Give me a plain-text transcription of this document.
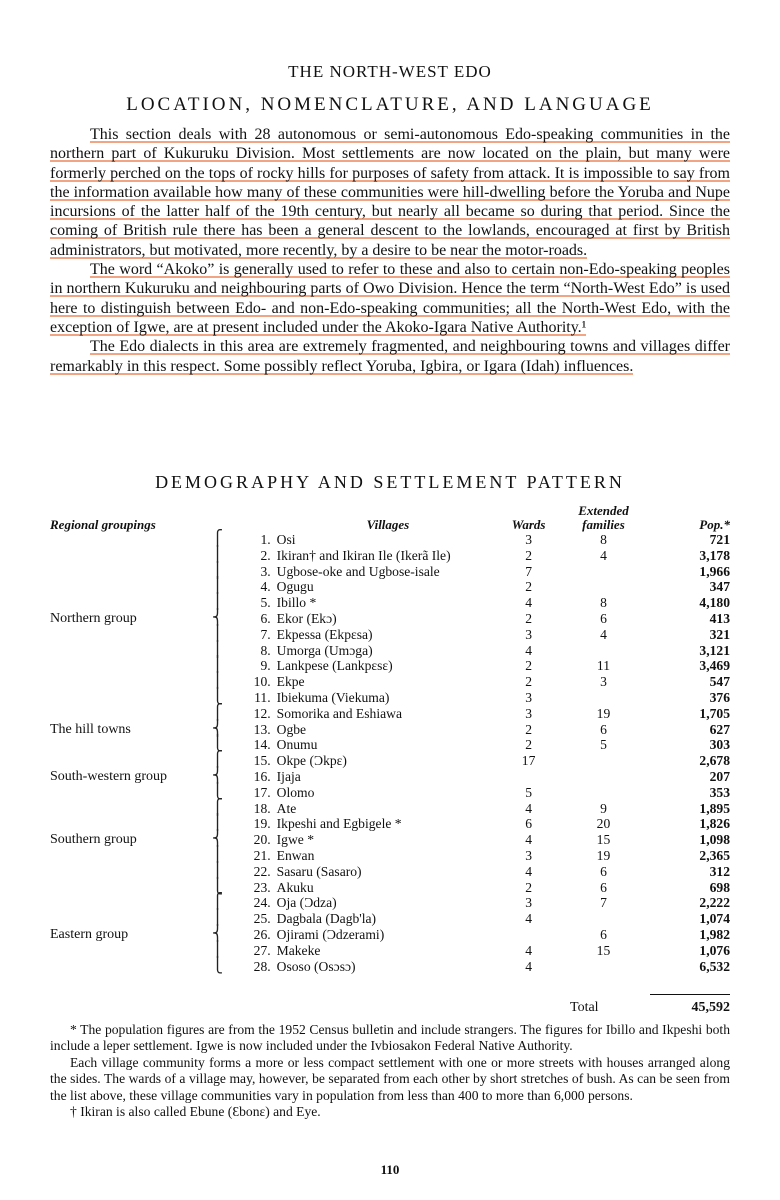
THE NORTH-WEST EDO
LOCATION, NOMENCLATURE, AND LANGUAGE

This section deals with 28 autonomous or semi-autonomous Edo-speaking communities in the northern part of Kukuruku Division. Most settlements are now located on the plain, but many were formerly perched on the tops of rocky hills for purposes of safety from attack. It is impossible to say from the information available how many of these communities were hill-dwelling before the Yoruba and Nupe incursions of the latter half of the 19th century, but nearly all became so during that period. Since the coming of British rule there has been a general descent to the lowlands, encouraged at first by British administrators, but motivated, more recently, by a desire to be near the motor-roads.

The word “Akoko” is generally used to refer to these and also to certain non-Edo-speaking peoples in northern Kukuruku and neighbouring parts of Owo Division. Hence the term “North-West Edo” is used here to distinguish between Edo- and non-Edo-speaking communities; all the North-West Edo, with the exception of Igwe, are at present included under the Akoko-Igara Native Authority.¹

The Edo dialects in this area are extremely fragmented, and neighbouring towns and villages differ remarkably in this respect. Some possibly reflect Yoruba, Igbira, or Igara (Idah) influences.

DEMOGRAPHY AND SETTLEMENT PATTERN
Regional groupings			Villages	Wards	Extended families	Pop.*
	⎧	1.	Osi	3	8	721
	⎪	2.	Ikiran† and Ikiran Ile (Ikerã Ile)	2	4	3,178
	⎪	3.	Ugbose-oke and Ugbose-isale	7		1,966
	⎪	4.	Ogugu	2		347
	⎪	5.	Ibillo *	4	8	4,180
Northern group	⎨	6.	Ekor (Ekɔ)	2	6	413
	⎪	7.	Ekpessa (Ekpɛsa)	3	4	321
	⎪	8.	Umorga (Umɔga)	4		3,121
	⎪	9.	Lankpese (Lankpɛsɛ)	2	11	3,469
	⎪	10.	Ekpe	2	3	547
	⎩	11.	Ibiekuma (Viekuma)	3		376
	⎧	12.	Somorika and Eshiawa	3	19	1,705
The hill towns	⎨	13.	Ogbe	2	6	627
	⎩	14.	Onumu	2	5	303
	⎧	15.	Okpe (Ɔkpɛ)	17		2,678
South-western group	⎨	16.	Ijaja			207
	⎩	17.	Olomo	5		353
	⎧	18.	Ate	4	9	1,895
	⎪	19.	Ikpeshi and Egbigele *	6	20	1,826
Southern group	⎨	20.	Igwe *	4	15	1,098
	⎪	21.	Enwan	3	19	2,365
	⎪	22.	Sasaru (Sasaro)	4	6	312
	⎩	23.	Akuku	2	6	698
	⎧	24.	Oja (Ɔdza)	3	7	2,222
	⎪	25.	Dagbala (Dagb'la)	4		1,074
Eastern group	⎨	26.	Ojirami (Ɔdzerami)		6	1,982
	⎪	27.	Makeke	4	15	1,076
	⎩	28.	Ososo (Osɔsɔ)	4		6,532
Total	45,592

* The population figures are from the 1952 Census bulletin and include strangers. The figures for Ibillo and Ikpeshi both include a leper settlement. Igwe is now included under the Ivbiosakon Federal Native Authority.

Each village community forms a more or less compact settlement with one or more streets with houses arranged along the sides. The wards of a village may, however, be separated from each other by short stretches of bush. As can be seen from the list above, these village communities vary in population from less than 400 to more than 6,000 persons.

† Ikiran is also called Ebune (Ɛbonɛ) and Eye.

110
